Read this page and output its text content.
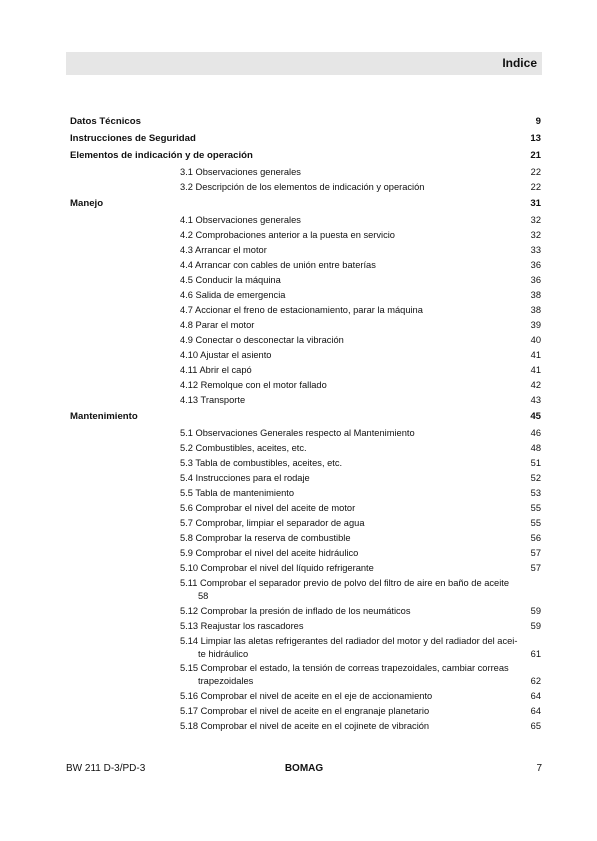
Indice
Datos Técnicos	9
Instrucciones de Seguridad	13
Elementos de indicación y de operación	21
3.1 Observaciones generales	22
3.2 Descripción de los elementos de indicación y operación	22
Manejo	31
4.1 Observaciones generales	32
4.2 Comprobaciones anterior a la puesta en servicio	32
4.3 Arrancar el motor	33
4.4 Arrancar con cables de unión entre baterías	36
4.5 Conducir la máquina	36
4.6 Salida de emergencia	38
4.7 Accionar el freno de estacionamiento, parar la máquina	38
4.8 Parar el motor	39
4.9 Conectar o desconectar la vibración	40
4.10 Ajustar el asiento	41
4.11 Abrir el capó	41
4.12 Remolque con el motor fallado	42
4.13 Transporte	43
Mantenimiento	45
5.1 Observaciones Generales respecto al Mantenimiento	46
5.2 Combustibles, aceites, etc.	48
5.3 Tabla de combustibles, aceites, etc.	51
5.4 Instrucciones para el rodaje	52
5.5 Tabla de mantenimiento	53
5.6 Comprobar el nivel del aceite de motor	55
5.7 Comprobar, limpiar el separador de agua	55
5.8 Comprobar la reserva de combustible	56
5.9 Comprobar el nivel del aceite hidráulico	57
5.10 Comprobar el nivel del líquido refrigerante	57
5.11 Comprobar el separador previo de polvo del filtro de aire en baño de aceite
58
5.12 Comprobar la presión de inflado de los neumáticos	59
5.13 Reajustar los rascadores	59
5.14 Limpiar las aletas refrigerantes del radiador del motor y del radiador del acei-
te hidráulico	61
5.15 Comprobar el estado, la tensión de correas trapezoidales, cambiar correas
trapezoidales	62
5.16 Comprobar el nivel de aceite en el eje de accionamiento	64
5.17 Comprobar el nivel de aceite en el engranaje planetario	64
5.18 Comprobar el nivel de aceite en el cojinete de vibración	65
BW 211 D-3/PD-3	BOMAG	7
